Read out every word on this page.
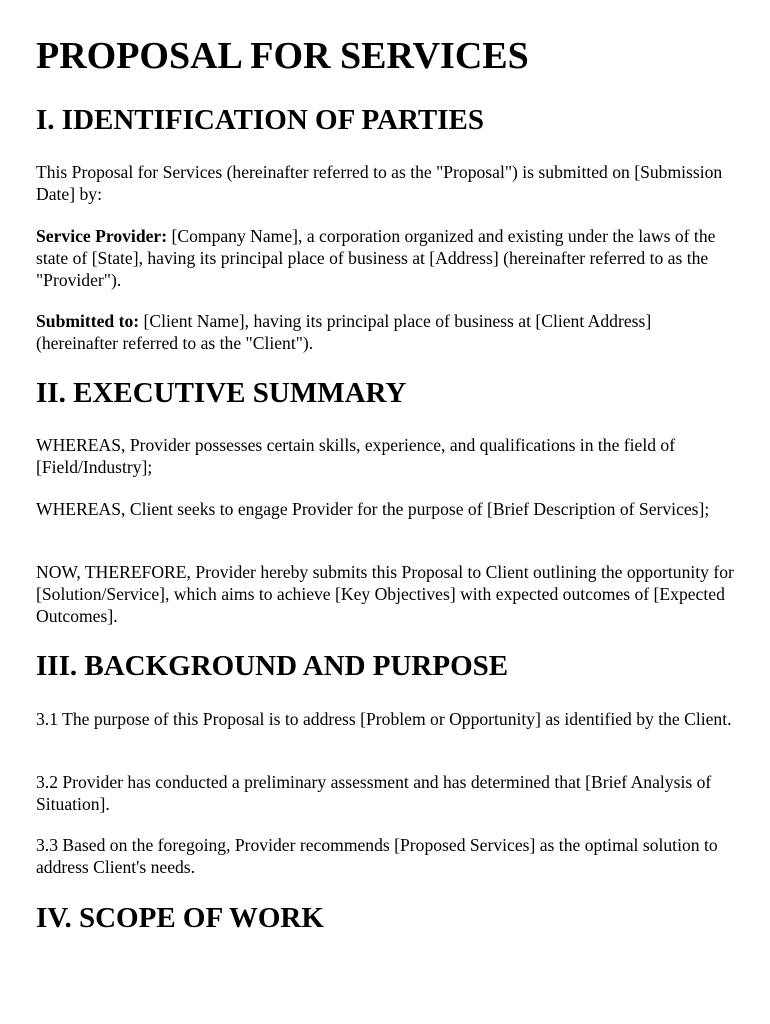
PROPOSAL FOR SERVICES
I. IDENTIFICATION OF PARTIES

This Proposal for Services (hereinafter referred to as the "Proposal") is submitted on [Submission Date] by:

Service Provider: [Company Name], a corporation organized and existing under the laws of the state of [State], having its principal place of business at [Address] (hereinafter referred to as the "Provider").

Submitted to: [Client Name], having its principal place of business at [Client Address] (hereinafter referred to as the "Client").

II. EXECUTIVE SUMMARY

WHEREAS, Provider possesses certain skills, experience, and qualifications in the field of [Field/Industry];

WHEREAS, Client seeks to engage Provider for the purpose of [Brief Description of Services];

NOW, THEREFORE, Provider hereby submits this Proposal to Client outlining the opportunity for [Solution/Service], which aims to achieve [Key Objectives] with expected outcomes of [Expected Outcomes].

III. BACKGROUND AND PURPOSE

3.1 The purpose of this Proposal is to address [Problem or Opportunity] as identified by the Client.

3.2 Provider has conducted a preliminary assessment and has determined that [Brief Analysis of Situation].

3.3 Based on the foregoing, Provider recommends [Proposed Services] as the optimal solution to address Client's needs.

IV. SCOPE OF WORK
